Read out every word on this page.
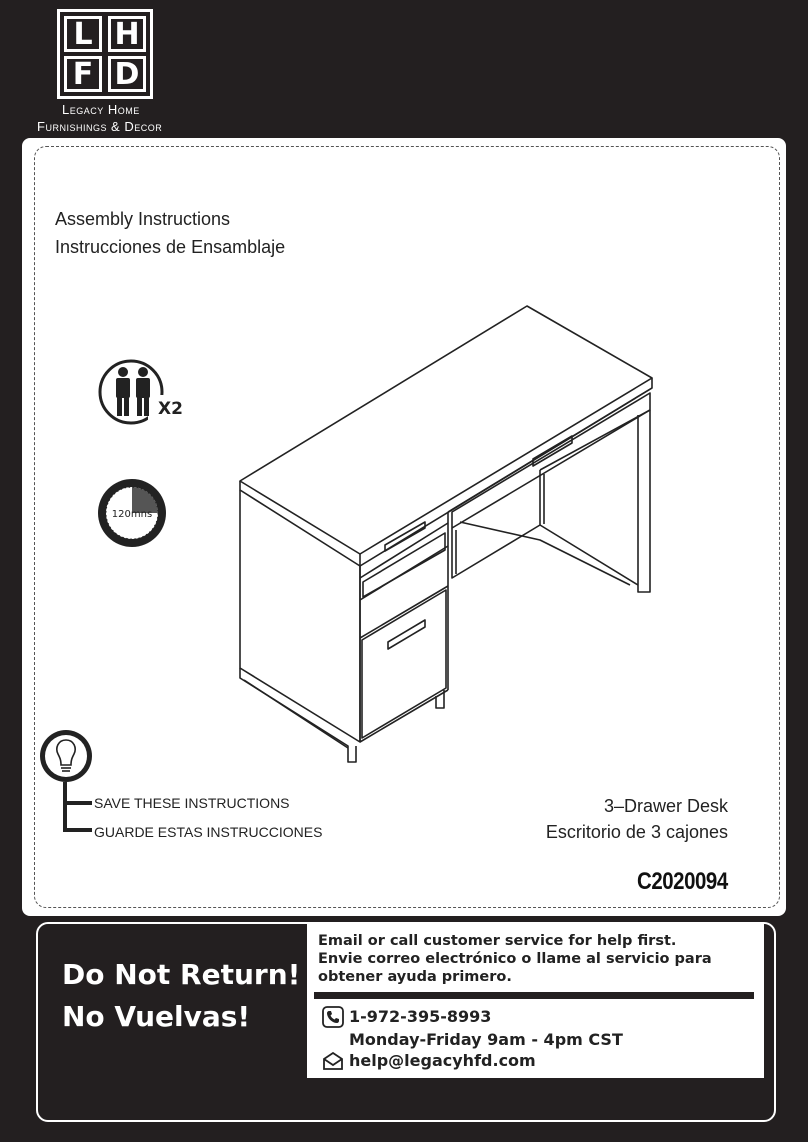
L H
F D
Legacy Home
Furnishings & Decor
Assembly Instructions
Instrucciones de Ensamblaje
X2
120mns
SAVE THESE INSTRUCTIONS
GUARDE ESTAS INSTRUCCIONES
3–Drawer Desk
Escritorio de 3 cajones
C2020094
Do Not Return!
No Vuelvas!
Email or call customer service for help first.
Envie correo electrónico o llame al servicio para
obtener ayuda primero.
1-972-395-8993
Monday-Friday 9am - 4pm CST
help@legacyhfd.com
